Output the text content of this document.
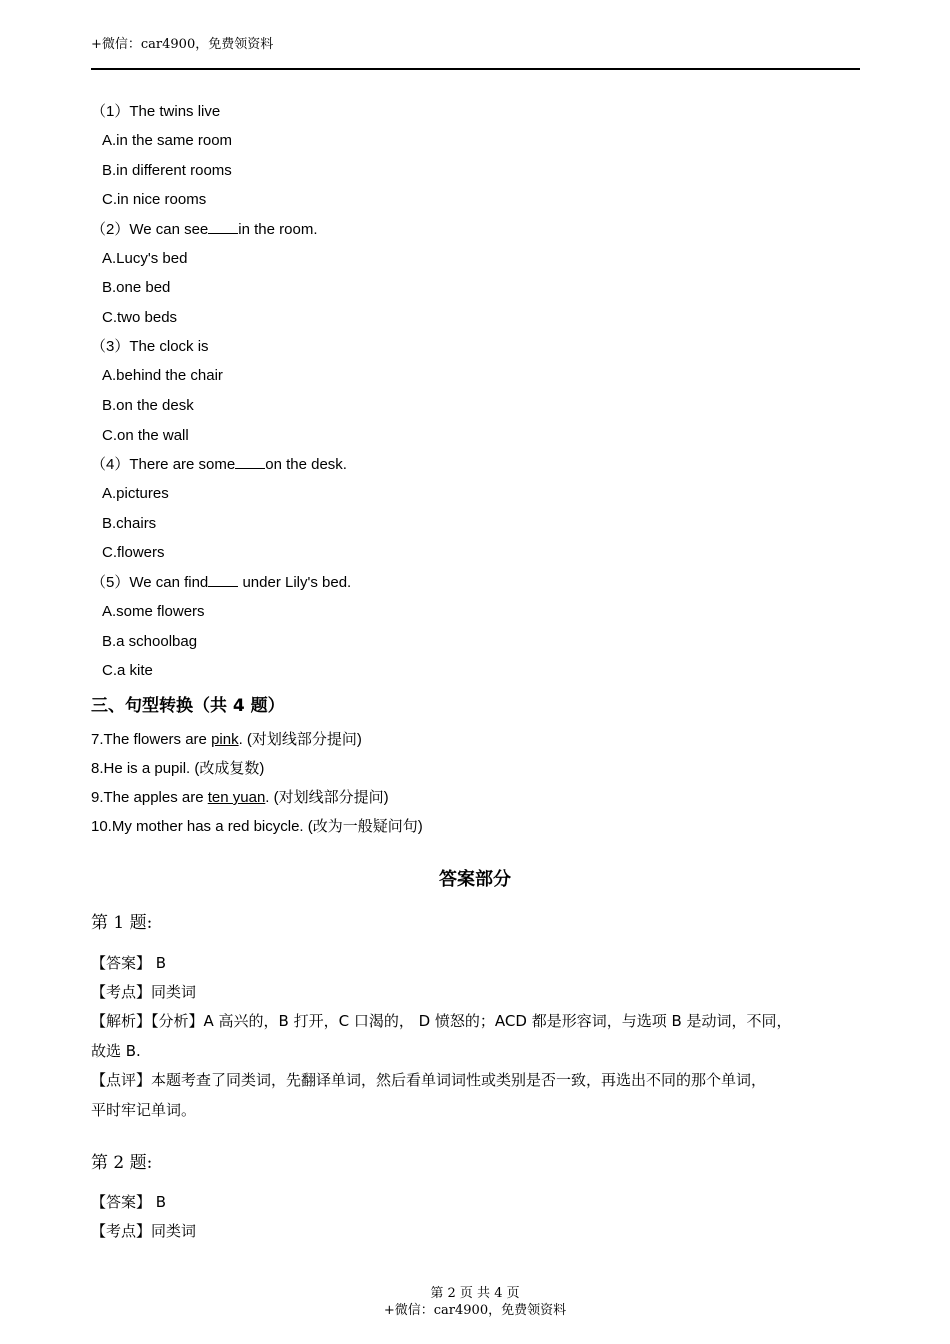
+微信：car4900，免费领资料
（1）The twins live
A.in the same room
B.in different rooms
C.in nice rooms
（2）We can see in the room.
A.Lucy's bed
B.one bed
C.two beds
（3）The clock is
A.behind the chair
B.on the desk
C.on the wall
（4）There are some on the desk.
A.pictures
B.chairs
C.flowers
（5）We can find under Lily's bed.
A.some flowers
B.a schoolbag
C.a kite
三、句型转换（共 4 题）
7.The flowers are pink. (对划线部分提问)
8.He is a pupil. (改成复数)
9.The apples are ten yuan. (对划线部分提问)
10.My mother has a red bicycle. (改为一般疑问句)
答案部分
第 1 题:
【答案】 B
【考点】同类词
【解析】【分析】A 高兴的，B 打开，C 口渴的， D 愤怒的；ACD 都是形容词，与选项 B 是动词，不同，
故选 B.
【点评】本题考查了同类词，先翻译单词，然后看单词词性或类别是否一致，再选出不同的那个单词，
平时牢记单词。
第 2 题:
【答案】 B
【考点】同类词
第 2 页 共 4 页
+微信：car4900，免费领资料
